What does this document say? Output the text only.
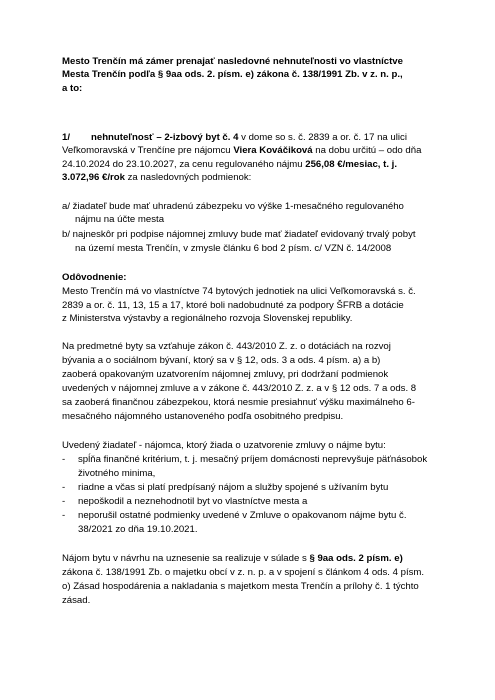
Mesto Trenčín má zámer prenajať nasledovné nehnuteľnosti vo vlastníctve
Mesta Trenčín podľa § 9aa ods. 2. písm. e) zákona č. 138/1991 Zb. v z. n. p.,
a to:
1/ nehnuteľnosť – 2-izbový byt č. 4 v dome so s. č. 2839 a or. č. 17 na ulici
Veľkomoravská v Trenčíne pre nájomcu Viera Kováčiková na dobu určitú – odo dňa
24.10.2024 do 23.10.2027, za cenu regulovaného nájmu 256,08 €/mesiac, t. j.
3.072,96 €/rok za nasledovných podmienok:
a/ žiadateľ bude mať uhradenú zábezpeku vo výške 1-mesačného regulovaného
nájmu na účte mesta
b/ najneskôr pri podpise nájomnej zmluvy bude mať žiadateľ evidovaný trvalý pobyt
na území mesta Trenčín, v zmysle článku 6 bod 2 písm. c/ VZN č. 14/2008
Odôvodnenie:
Mesto Trenčín má vo vlastníctve 74 bytových jednotiek na ulici Veľkomoravská s. č.
2839 a or. č. 11, 13, 15 a 17, ktoré boli nadobudnuté za podpory ŠFRB a dotácie
z Ministerstva výstavby a regionálneho rozvoja Slovenskej republiky.
Na predmetné byty sa vzťahuje zákon č. 443/2010 Z. z. o dotáciách na rozvoj
bývania a o sociálnom bývaní, ktorý sa v § 12, ods. 3 a ods. 4 písm. a) a b)
zaoberá opakovaným uzatvorením nájomnej zmluvy, pri dodržaní podmienok
uvedených v nájomnej zmluve a v zákone č. 443/2010 Z. z. a v § 12 ods. 7 a ods. 8
sa zaoberá finančnou zábezpekou, ktorá nesmie presiahnuť výšku maximálneho 6-
mesačného nájomného ustanoveného podľa osobitného predpisu.
Uvedený žiadateľ - nájomca, ktorý žiada o uzatvorenie zmluvy o nájme bytu:
- spĺňa finančné kritérium, t. j. mesačný príjem domácnosti neprevyšuje päťnásobok
životného minima,
- riadne a včas si platí predpísaný nájom a služby spojené s užívaním bytu
- nepoškodil a neznehodnotil byt vo vlastníctve mesta a
- neporušil ostatné podmienky uvedené v Zmluve o opakovanom nájme bytu č.
38/2021 zo dňa 19.10.2021.
Nájom bytu v návrhu na uznesenie sa realizuje v súlade s § 9aa ods. 2 písm. e)
zákona č. 138/1991 Zb. o majetku obcí v z. n. p. a v spojení s článkom 4 ods. 4 písm.
o) Zásad hospodárenia a nakladania s majetkom mesta Trenčín a prílohy č. 1 týchto
zásad.
